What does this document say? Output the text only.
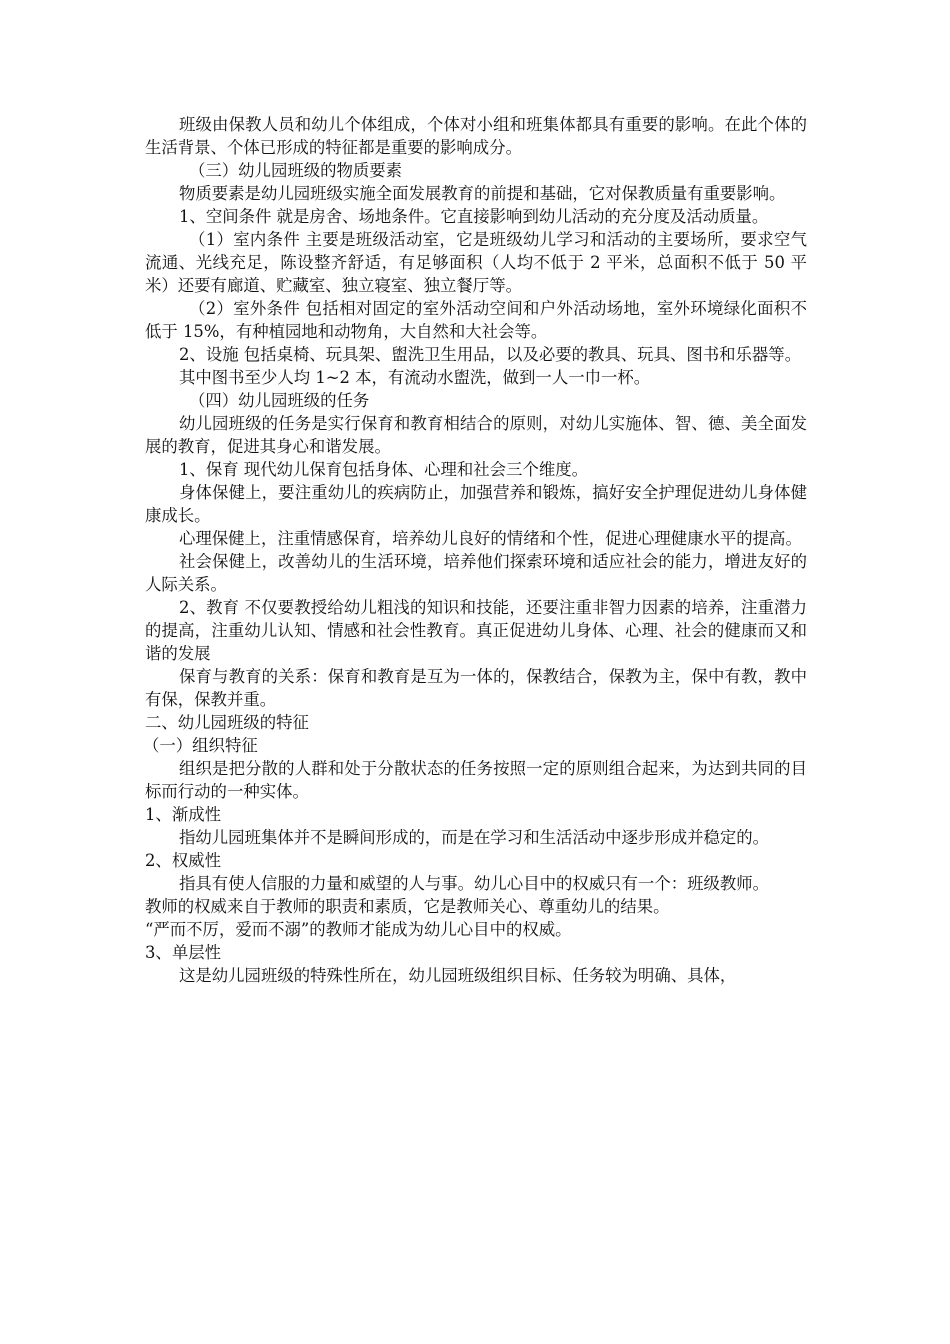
班级由保教人员和幼儿个体组成，个体对小组和班集体都具有重要的影响。在此个体的生活背景、个体已形成的特征都是重要的影响成分。

（三）幼儿园班级的物质要素

物质要素是幼儿园班级实施全面发展教育的前提和基础，它对保教质量有重要影响。

1、空间条件 就是房舍、场地条件。它直接影响到幼儿活动的充分度及活动质量。

（1）室内条件 主要是班级活动室，它是班级幼儿学习和活动的主要场所，要求空气流通、光线充足，陈设整齐舒适，有足够面积（人均不低于 2 平米，总面积不低于 50 平米）还要有廊道、贮藏室、独立寝室、独立餐厅等。

（2）室外条件 包括相对固定的室外活动空间和户外活动场地，室外环境绿化面积不低于 15%，有种植园地和动物角，大自然和大社会等。

2、设施 包括桌椅、玩具架、盥洗卫生用品，以及必要的教具、玩具、图书和乐器等。

其中图书至少人均 1~2 本，有流动水盥洗，做到一人一巾一杯。

（四）幼儿园班级的任务

幼儿园班级的任务是实行保育和教育相结合的原则，对幼儿实施体、智、德、美全面发展的教育，促进其身心和谐发展。

1、保育 现代幼儿保育包括身体、心理和社会三个维度。

身体保健上，要注重幼儿的疾病防止，加强营养和锻炼，搞好安全护理促进幼儿身体健康成长。

心理保健上，注重情感保育，培养幼儿良好的情绪和个性，促进心理健康水平的提高。

社会保健上，改善幼儿的生活环境，培养他们探索环境和适应社会的能力，增进友好的人际关系。

2、教育 不仅要教授给幼儿粗浅的知识和技能，还要注重非智力因素的培养，注重潜力的提高，注重幼儿认知、情感和社会性教育。真正促进幼儿身体、心理、社会的健康而又和谐的发展

保育与教育的关系：保育和教育是互为一体的，保教结合，保教为主，保中有教，教中有保，保教并重。

二、幼儿园班级的特征

（一）组织特征

组织是把分散的人群和处于分散状态的任务按照一定的原则组合起来，为达到共同的目标而行动的一种实体。

1、渐成性

指幼儿园班集体并不是瞬间形成的，而是在学习和生活活动中逐步形成并稳定的。

2、权威性

指具有使人信服的力量和威望的人与事。幼儿心目中的权威只有一个：班级教师。

教师的权威来自于教师的职责和素质，它是教师关心、尊重幼儿的结果。

“严而不厉，爱而不溺”的教师才能成为幼儿心目中的权威。

3、单层性

这是幼儿园班级的特殊性所在，幼儿园班级组织目标、任务较为明确、具体，
